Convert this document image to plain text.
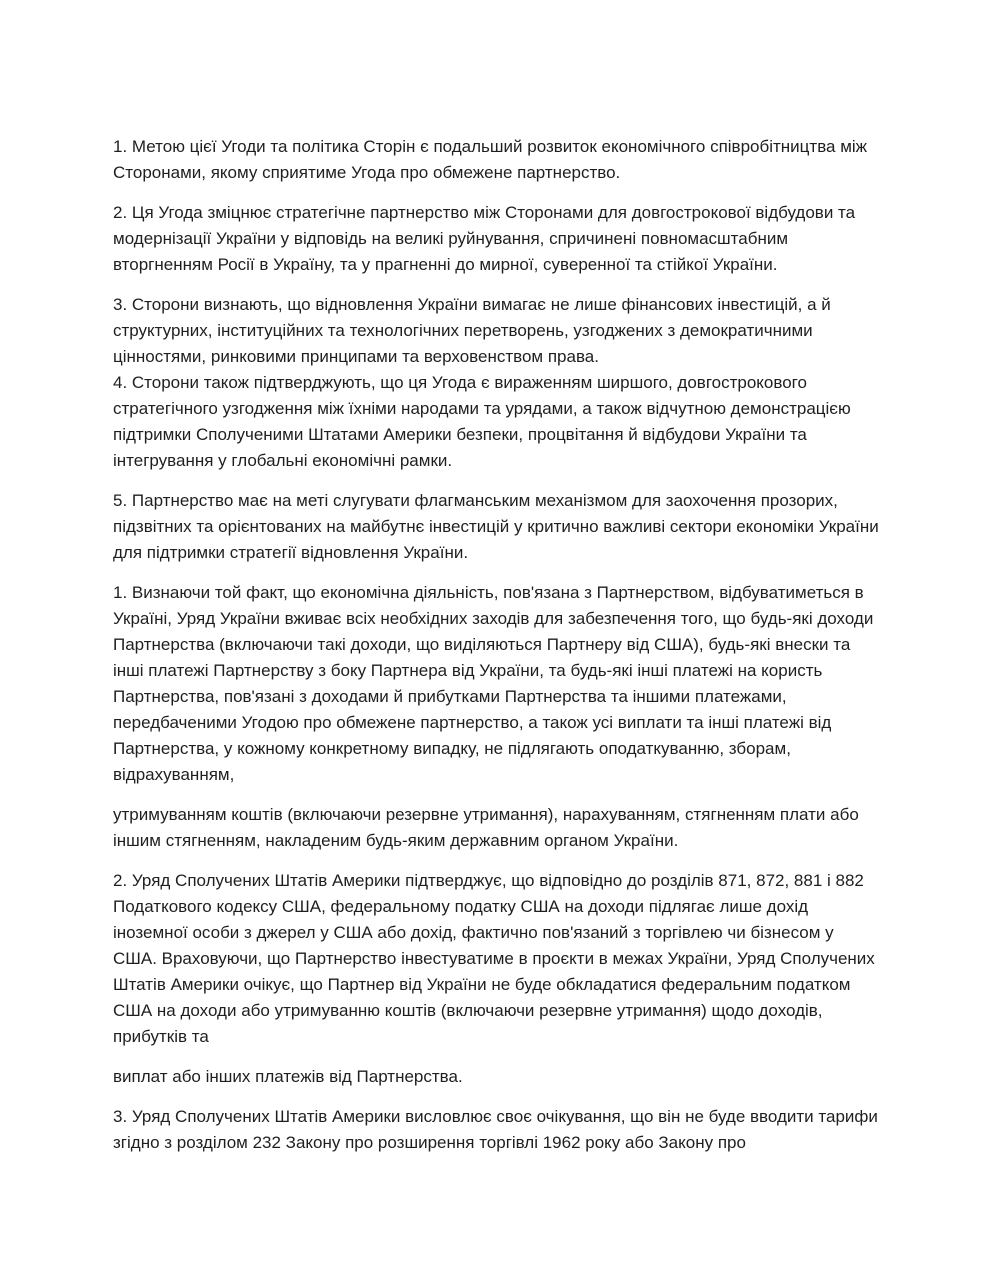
1. Метою цієї Угоди та політика Сторін є подальший розвиток економічного співробітництва між Сторонами, якому сприятиме Угода про обмежене партнерство.

2. Ця Угода зміцнює стратегічне партнерство між Сторонами для довгострокової відбудови та модернізації України у відповідь на великі руйнування, спричинені повномасштабним вторгненням Росії в Україну, та у прагненні до мирної, суверенної та стійкої України.

3. Сторони визнають, що відновлення України вимагає не лише фінансових інвестицій, а й структурних, інституційних та технологічних перетворень, узгоджених з демократичними цінностями, ринковими принципами та верховенством права.

4. Сторони також підтверджують, що ця Угода є вираженням ширшого, довгострокового стратегічного узгодження між їхніми народами та урядами, а також відчутною демонстрацією підтримки Сполученими Штатами Америки безпеки, процвітання й відбудови України та інтегрування у глобальні економічні рамки.

5. Партнерство має на меті слугувати флагманським механізмом для заохочення прозорих, підзвітних та орієнтованих на майбутнє інвестицій у критично важливі сектори економіки України для підтримки стратегії відновлення України.

1. Визнаючи той факт, що економічна діяльність, пов'язана з Партнерством, відбуватиметься в Україні, Уряд України вживає всіх необхідних заходів для забезпечення того, що будь-які доходи Партнерства (включаючи такі доходи, що виділяються Партнеру від США), будь-які внески та інші платежі Партнерству з боку Партнера від України, та будь-які інші платежі на користь Партнерства, пов'язані з доходами й прибутками Партнерства та іншими платежами, передбаченими Угодою про обмежене партнерство, а також усі виплати та інші платежі від Партнерства, у кожному конкретному випадку, не підлягають оподаткуванню, зборам, відрахуванням,

утримуванням коштів (включаючи резервне утримання), нарахуванням, стягненням плати або іншим стягненням, накладеним будь-яким державним органом України.

2. Уряд Сполучених Штатів Америки підтверджує, що відповідно до розділів 871, 872, 881 і 882 Податкового кодексу США, федеральному податку США на доходи підлягає лише дохід іноземної особи з джерел у США або дохід, фактично пов'язаний з торгівлею чи бізнесом у США. Враховуючи, що Партнерство інвестуватиме в проєкти в межах України, Уряд Сполучених Штатів Америки очікує, що Партнер від України не буде обкладатися федеральним податком США на доходи або утримуванню коштів (включаючи резервне утримання) щодо доходів, прибутків та

виплат або інших платежів від Партнерства.

3. Уряд Сполучених Штатів Америки висловлює своє очікування, що він не буде вводити тарифи згідно з розділом 232 Закону про розширення торгівлі 1962 року або Закону про
